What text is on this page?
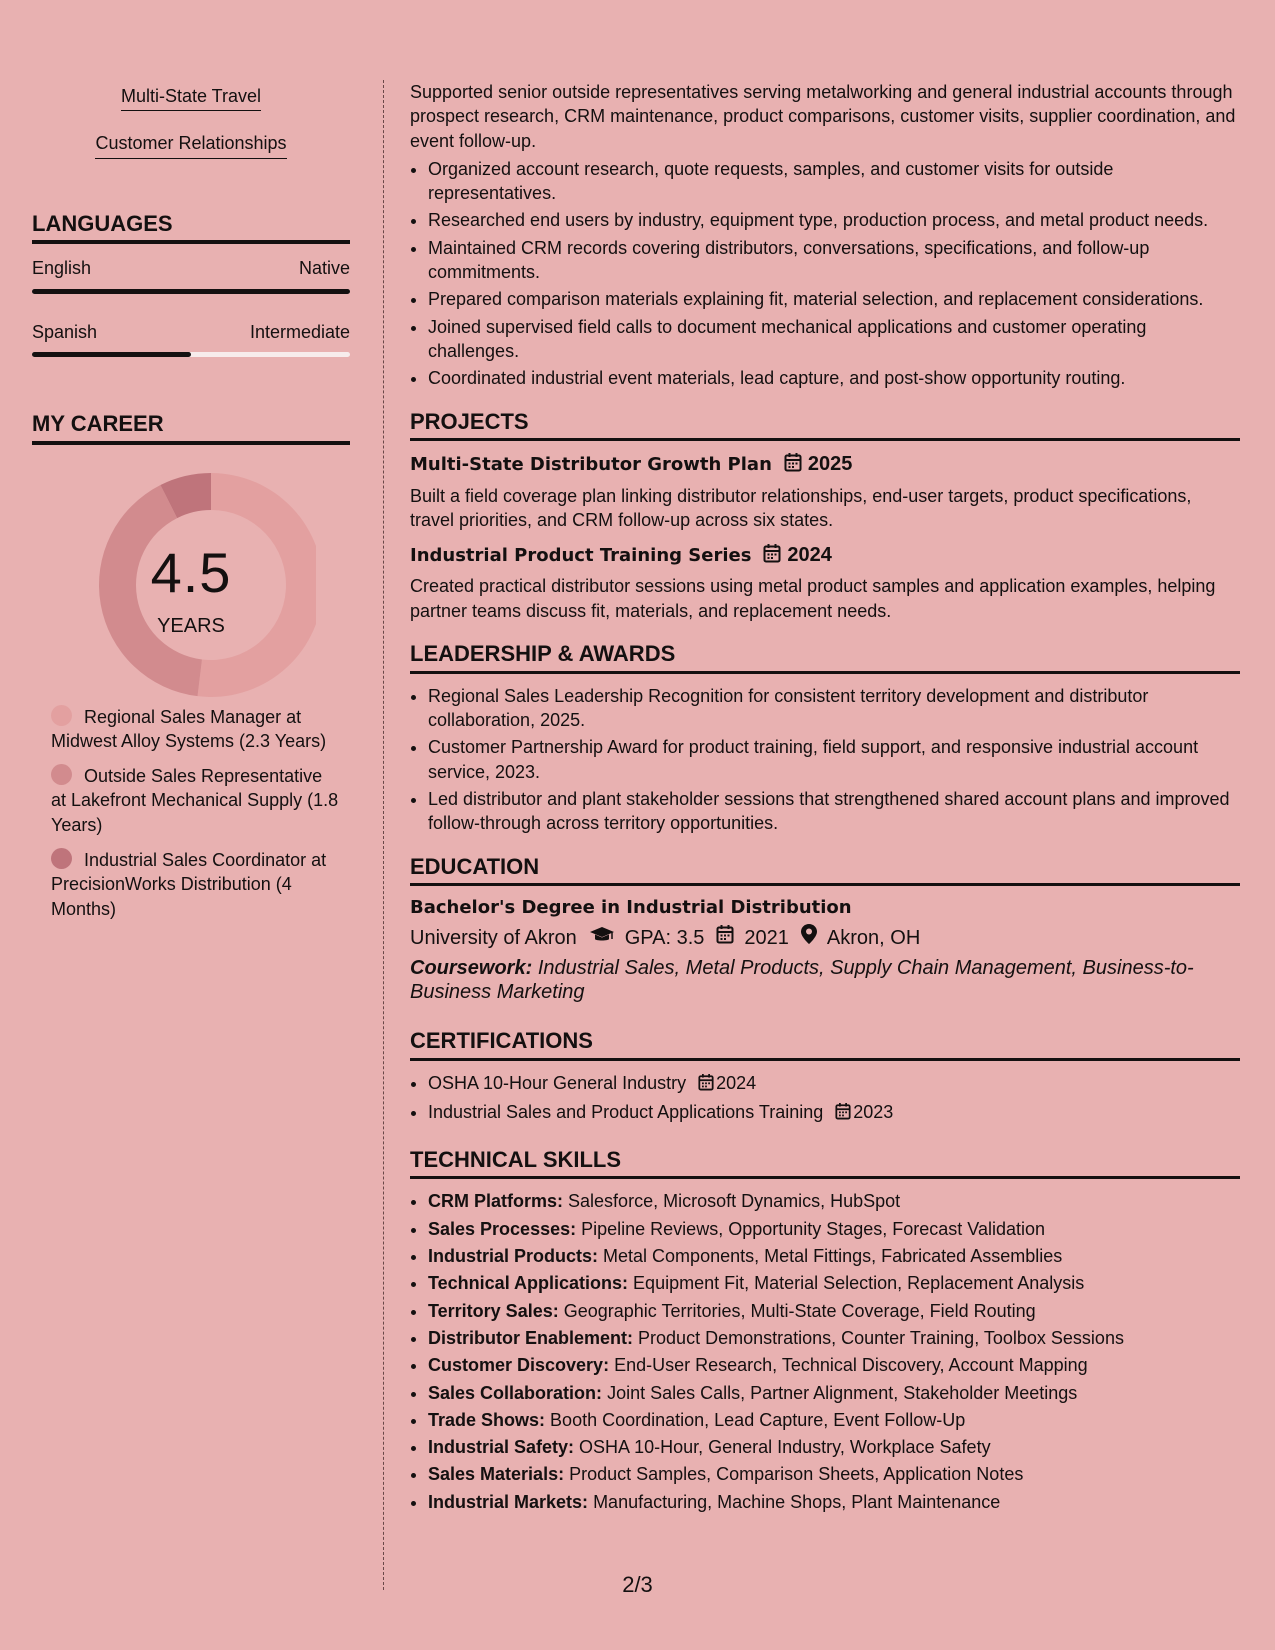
Multi-State Travel
Customer Relationships
LANGUAGES
English	Native
Spanish	Intermediate
MY CAREER
4.5
YEARS
Regional Sales Manager at Midwest Alloy Systems (2.3 Years)
Outside Sales Representative at Lakefront Mechanical Supply (1.8 Years)
Industrial Sales Coordinator at PrecisionWorks Distribution (4 Months)

Supported senior outside representatives serving metalworking and general industrial accounts through prospect research, CRM maintenance, product comparisons, customer visits, supplier coordination, and event follow-up.

• Organized account research, quote requests, samples, and customer visits for outside representatives.
• Researched end users by industry, equipment type, production process, and metal product needs.
• Maintained CRM records covering distributors, conversations, specifications, and follow-up commitments.
• Prepared comparison materials explaining fit, material selection, and replacement considerations.
• Joined supervised field calls to document mechanical applications and customer operating challenges.
• Coordinated industrial event materials, lead capture, and post-show opportunity routing.
PROJECTS
Multi-State Distributor Growth Plan 2025

Built a field coverage plan linking distributor relationships, end-user targets, product specifications, travel priorities, and CRM follow-up across six states.

Industrial Product Training Series 2024

Created practical distributor sessions using metal product samples and application examples, helping partner teams discuss fit, materials, and replacement needs.

LEADERSHIP & AWARDS
• Regional Sales Leadership Recognition for consistent territory development and distributor collaboration, 2025.
• Customer Partnership Award for product training, field support, and responsive industrial account service, 2023.
• Led distributor and plant stakeholder sessions that strengthened shared account plans and improved follow-through across territory opportunities.
EDUCATION
Bachelor's Degree in Industrial Distribution
University of Akron GPA: 3.5 2021 Akron, OH

Coursework: Industrial Sales, Metal Products, Supply Chain Management, Business-to-Business Marketing

CERTIFICATIONS
• OSHA 10-Hour General Industry 2024
• Industrial Sales and Product Applications Training 2023
TECHNICAL SKILLS
• CRM Platforms: Salesforce, Microsoft Dynamics, HubSpot
• Sales Processes: Pipeline Reviews, Opportunity Stages, Forecast Validation
• Industrial Products: Metal Components, Metal Fittings, Fabricated Assemblies
• Technical Applications: Equipment Fit, Material Selection, Replacement Analysis
• Territory Sales: Geographic Territories, Multi-State Coverage, Field Routing
• Distributor Enablement: Product Demonstrations, Counter Training, Toolbox Sessions
• Customer Discovery: End-User Research, Technical Discovery, Account Mapping
• Sales Collaboration: Joint Sales Calls, Partner Alignment, Stakeholder Meetings
• Trade Shows: Booth Coordination, Lead Capture, Event Follow-Up
• Industrial Safety: OSHA 10-Hour, General Industry, Workplace Safety
• Sales Materials: Product Samples, Comparison Sheets, Application Notes
• Industrial Markets: Manufacturing, Machine Shops, Plant Maintenance
2/3
